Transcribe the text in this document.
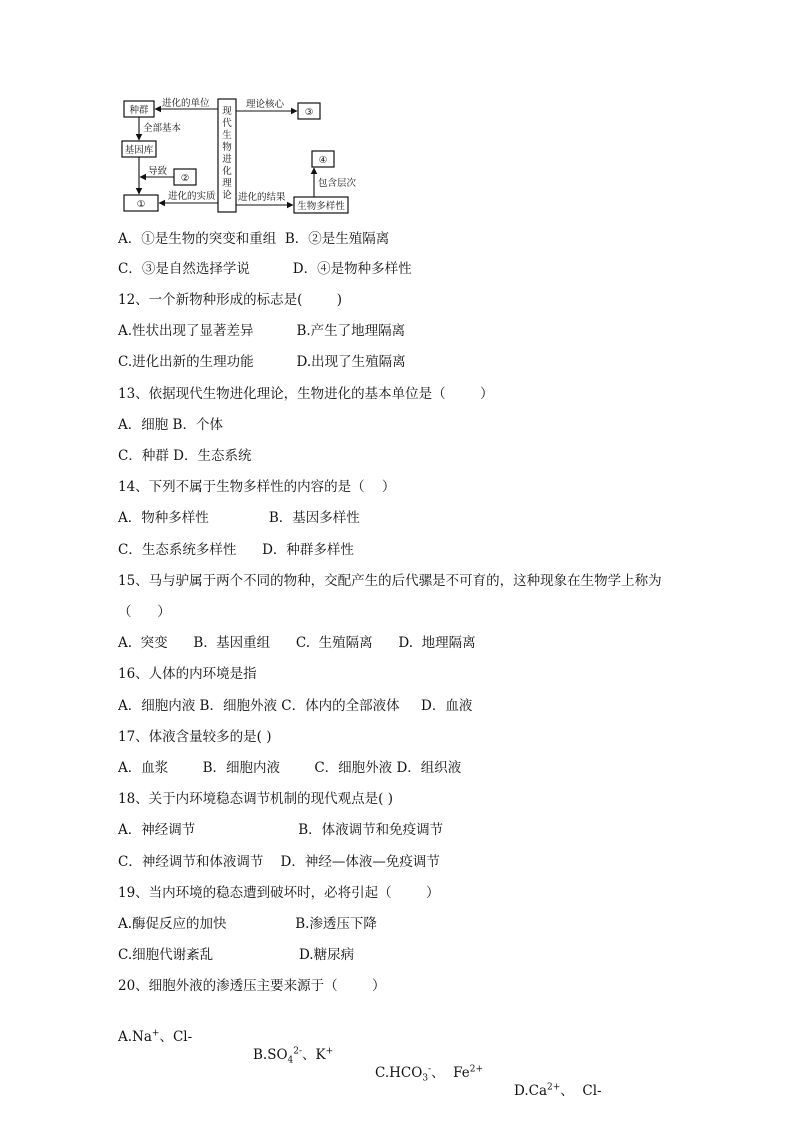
现
代
生
物
进
化
理
论
种群
基因库
①
②
③
④
生物多样性
进化的单位	理论核心
全部基本
导致
进化的实质 进化的结果
包含层次
A．①是生物的突变和重组  B．②是生殖隔离
C．③是自然选择学说          D．④是物种多样性
12、一个新物种形成的标志是(        )
A.性状出现了显著差异          B.产生了地理隔离
C.进化出新的生理功能          D.出现了生殖隔离
13、依据现代生物进化理论，生物进化的基本单位是（        ）
A．细胞 B．个体
C．种群 D．生态系统
14、下列不属于生物多样性的内容的是（    ）
A．物种多样性              B．基因多样性
C．生态系统多样性      D．种群多样性
15、马与驴属于两个不同的物种，交配产生的后代骡是不可育的，这种现象在生物学上称为
（      ）
A.  突变      B.  基因重组      C.  生殖隔离      D.  地理隔离
16、人体的内环境是指
A．细胞内液 B．细胞外液 C．体内的全部液体     D．血液
17、体液含量较多的是( )
A．血浆        B．细胞内液        C．细胞外液 D．组织液
18、关于内环境稳态调节机制的现代观点是( )
A．神经调节                        B．体液调节和免疫调节
C．神经调节和体液调节    D．神经—体液—免疫调节
19、当内环境的稳态遭到破坏时，必将引起（        ）
A.酶促反应的加快                B.渗透压下降
C.细胞代谢紊乱                    D.糖尿病
20、细胞外液的渗透压主要来源于（        ）

A.Na+、Cl-

$B.SO_4^{2-}$、K+

$C.HCO_3^-$、  $Fe^{2+}$

$D.Ca^{2+}$、  Cl-
